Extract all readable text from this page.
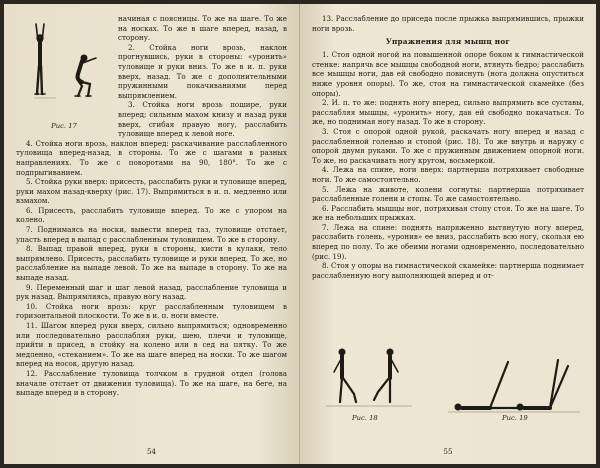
Рис. 17

начиная с поясницы. То же на шаге. То же на носках. То же в шаге вперед, назад, в сторону.

2. Стойка ноги врозь, наклон прогнувшись, руки в стороны: «уронить» туловище и руки вниз. То же в и. п. руки вверх, назад. То же с дополнительными пружинными покачиваниями перед выпрямлением.

3. Стойка ноги врозь пошире, руки вперед; сильным махом книзу и назад руки вверх, сгибая правую ногу, расслабить туловище вперед к левой ноге.

4. Стойка ноги врозь, наклон вперед: раскачивание расслабленного туловища вперед-назад, в стороны. То же с шагами в разных направлениях. То же с поворотами на 90, 180°. То же с подпрыгиванием.

5. Стойка руки вверх: присесть, расслабить руки и туловище вперед, руки махом назад-кверху (рис. 17). Выпрямиться в и. п. медленно или взмахом.

6. Присесть, расслабить туловище вперед. То же с упором на колено.

7. Поднимаясь на носки, вывести вперед таз, туловище отстает, упасть вперед в выпад с расслабленным туловищем. То же в сторону.

8. Выпад правой вперед, руки в стороны, кисти в кулаки, тело выпрямлено. Присесть, расслабить туловище и руки вперед. То же, но расслабление на выпаде левой. То же на выпаде в сторону. То же на выпаде назад.

9. Переменный шаг и шаг левой назад, расслабление туловища и рук назад. Выпрямляясь, правую ногу назад.

10. Стойка ноги врозь: круг расслабленным туловищем в горизонтальной плоскости. То же в и. п. ноги вместе.

11. Шагом вперед руки вверх, сильно выпрямиться; одновременно или последовательно расслабляя руки, шею, плечи и туловище, прийти в присед, в стойку на колено или в сед на пятку. То же медленно, «стеканием». То же на шаге вперед на носки. То же шагом вперед на носок, другую назад.

12. Расслабление туловища толчком в грудной отдел (голова вначале отстает от движения туловища). То же на шаге, на беге, на выпаде вперед и в сторону.

54

13. Расслабление до приседа после прыжка выпрямившись, прыжки ноги врозь.

Упражнения для мышц ног

1. Стоя одной ногой на повышенной опоре боком к гимнастической стенке: напрячь все мышцы свободной ноги, втянуть бедро; расслабить все мышцы ноги, дав ей свободно повиснуть (нога должна опуститься ниже уровня опоры). То же, стоя на гимнастической скамейке (без опоры).

2. И. п. то же: поднять ногу вперед, сильно выпрямить все суставы, расслабляя мышцы, «уронить» ногу, дав ей свободно покачаться. То же, но поднимая ногу назад. То же в сторону.

3. Стоя с опорой одной рукой, раскачать ногу вперед и назад с расслабленной голенью и стопой (рис. 18). То же внутрь и наружу с опорой двумя руками. То же с пружинным движением опорной ноги. То же, но раскачивать ногу кругом, восьмеркой.

4. Лежа на спине, ноги вверх: партнерша потряхивает свободные ноги. То же самостоятельно.

5. Лежа на животе, колени согнуты: партнерша потряхивает расслабленные голени и стопы. То же самостоятельно.

6. Расслабить мышцы ног, потряхивая стопу стоя. То же на шаге. То же на небольших прыжках.

7. Лежа на спине: поднять напряженно вытянутую ногу вперед, расслабить голень, «уронив» ее вниз, расслабить всю ногу, скользя ею вперед по полу. То же обеими ногами одновременно, последовательно (рис. 19).

8. Стоя у опоры на гимнастической скамейке: партнерша поднимает расслабленную ногу выполняющей вперед и от-

Рис. 18	Рис. 19
55
